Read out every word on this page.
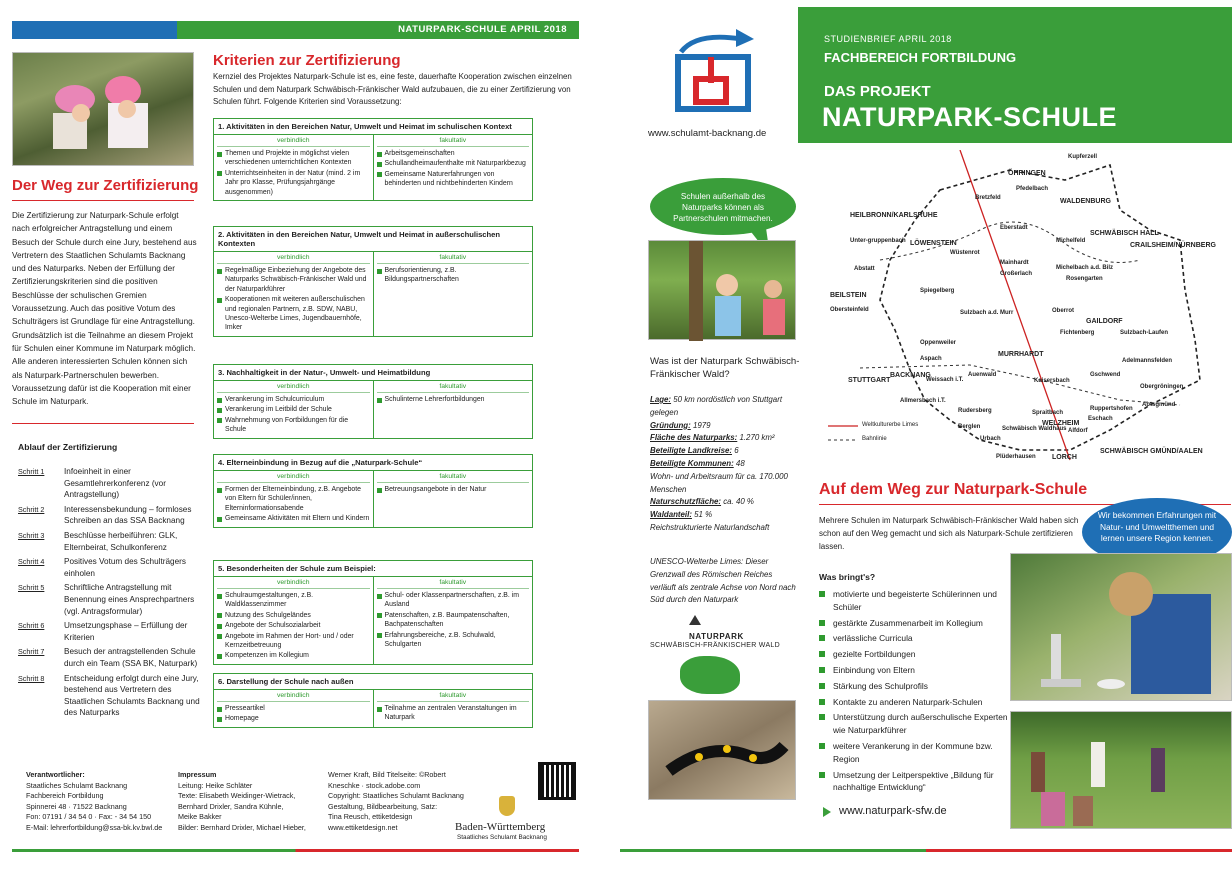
NATURPARK-SCHULE APRIL 2018
Der Weg zur Zertifizierung
Die Zertifizierung zur Naturpark-Schule erfolgt nach erfolgreicher Antragstellung und einem Besuch der Schule durch eine Jury, bestehend aus Vertretern des Staatlichen Schulamts Backnang und des Naturparks. Neben der Erfüllung der Zertifizierungskriterien sind die positiven Beschlüsse der schulischen Gremien Voraussetzung. Auch das positive Votum des Schulträgers ist Grundlage für eine Antragstellung. Grundsätzlich ist die Teilnahme an diesem Projekt für Schulen einer Kommune im Naturpark möglich. Alle anderen interessierten Schulen können sich als Naturpark-Partnerschulen bewerben. Voraussetzung dafür ist die Kooperation mit einer Schule im Naturpark.
Ablauf der Zertifizierung
Schritt 1	Infoeinheit in einer Gesamtlehrerkonferenz (vor Antragstellung)
Schritt 2	Interessensbekundung – formloses Schreiben an das SSA Backnang
Schritt 3	Beschlüsse herbeiführen: GLK, Elternbeirat, Schulkonferenz
Schritt 4	Positives Votum des Schulträgers einholen
Schritt 5	Schriftliche Antragstellung mit Benennung eines Ansprechpartners (vgl. Antragsformular)
Schritt 6	Umsetzungsphase – Erfüllung der Kriterien
Schritt 7	Besuch der antragstellenden Schule durch ein Team (SSA BK, Naturpark)
Schritt 8	Entscheidung erfolgt durch eine Jury, bestehend aus Vertretern des Staatlichen Schulamts Backnang und des Naturparks
Kriterien zur Zertifizierung
Kernziel des Projektes Naturpark-Schule ist es, eine feste, dauerhafte Kooperation zwischen einzelnen Schulen und dem Naturpark Schwäbisch-Fränkischer Wald aufzubauen, die zu einer Zertifizierung von Schulen führt. Folgende Kriterien sind Voraussetzung:
1. Aktivitäten in den Bereichen Natur, Umwelt und Heimat im schulischen Kontext
verbindlich
Themen und Projekte in möglichst vielen verschiedenen unterrichtlichen Kontexten
Unterrichtseinheiten in der Natur (mind. 2 im Jahr pro Klasse, Prüfungsjahrgänge ausgenommen)
fakultativ
Arbeitsgemeinschaften
Schullandheimaufenthalte mit Naturparkbezug
Gemeinsame Naturerfahrungen von behinderten und nichtbehinderten Kindern
2. Aktivitäten in den Bereichen Natur, Umwelt und Heimat in außerschulischen Kontexten
verbindlich
Regelmäßige Einbeziehung der Angebote des Naturparks Schwäbisch-Fränkischer Wald und der Naturparkführer
Kooperationen mit weiteren außerschulischen und regionalen Partnern, z.B. SDW, NABU, Unesco-Welterbe Limes, Jugendbauernhöfe, Imker
fakultativ
Berufsorientierung, z.B. Bildungspartnerschaften
3. Nachhaltigkeit in der Natur-, Umwelt- und Heimatbildung
verbindlich
Verankerung im Schulcurriculum
Verankerung im Leitbild der Schule
Wahrnehmung von Fortbildungen für die Schule
fakultativ
Schulinterne Lehrerfortbildungen
4. Elterneinbindung in Bezug auf die „Naturpark-Schule“
verbindlich
Formen der Elterneinbindung, z.B. Angebote von Eltern für Schüler/innen, Elterninformationsabende
Gemeinsame Aktivitäten mit Eltern und Kindern
fakultativ
Betreuungsangebote in der Natur
5. Besonderheiten der Schule zum Beispiel:
verbindlich
Schulraumgestaltungen, z.B. Waldklassenzimmer
Nutzung des Schulgeländes
Angebote der Schulsozialarbeit
Angebote im Rahmen der Hort- und / oder Kernzeitbetreuung
Kompetenzen im Kollegium
fakultativ
Schul- oder Klassenpartnerschaften, z.B. im Ausland
Patenschaften, z.B. Baumpatenschaften, Bachpatenschaften
Erfahrungsbereiche, z.B. Schulwald, Schulgarten
6. Darstellung der Schule nach außen
verbindlich
Presseartikel
Homepage
fakultativ
Teilnahme an zentralen Veranstaltungen im Naturpark
Verantwortlicher:
Staatliches Schulamt Backnang
Fachbereich Fortbildung
Spinnerei 48 · 71522 Backnang
Fon: 07191 / 34 54 0 · Fax: - 34 54 150
E-Mail: lehrerfortbildung@ssa-bk.kv.bwl.de
Impressum
Leitung: Heike Schläter
Texte: Elisabeth Weidinger-Wietrack,
Bernhard Drixler, Sandra Kühnle,
Meike Bakker
Bilder: Bernhard Drixler, Michael Hieber,
Werner Kraft, Bild Titelseite: ©Robert
Kneschke · stock.adobe.com
Copyright: Staatliches Schulamt Backnang
Gestaltung, Bildbearbeitung, Satz:
Tina Reusch, ettiketdesign
www.ettiketdesign.net	Baden-Württemberg
Staatliches Schulamt Backnang
www.schulamt-backnang.de
STUDIENBRIEF APRIL 2018
FACHBEREICH FORTBILDUNG
DAS PROJEKT
NATURPARK-SCHULE
Schulen außerhalb des Naturparks können als Partnerschulen mitmachen.
Was ist der Naturpark Schwäbisch-Fränkischer Wald?
Lage: 50 km nordöstlich von Stuttgart gelegen
Gründung: 1979
Fläche des Naturparks: 1.270 km²
Beteiligte Landkreise: 6
Beteiligte Kommunen: 48
Wohn- und Arbeitsraum für ca. 170.000 Menschen
Naturschutzfläche: ca. 40 %
Waldanteil: 51 %
Reichstrukturierte Naturlandschaft
UNESCO-Welterbe Limes: Dieser Grenzwall des Römischen Reiches verläuft als zentrale Achse von Nord nach Süd durch den Naturpark
NATURPARK
SCHWÄBISCH-FRÄNKISCHER WALD
Kupferzell
ÖHRINGEN
Pfedelbach
Bretzfeld	WALDENBURG
HEILBRONN/KARLSRUHE
Eberstadt
Unter-gruppenbach LÖWENSTEIN
Wüstenrot
Mainhardt
Großerlach
Michelfeld
SCHWÄBISCH HALL
CRAILSHEIM/NÜRNBERG
Abstatt	Michelbach a.d. Bilz
Rosengarten
BEILSTEIN
Spiegelberg
Obersteinfeld	Sulzbach a.d. Murr	Oberrot
GAILDORF
Oppenweiler
Fichtenberg	Sulzbach-Laufen
Aspach
MURRHARDT
BACKNANG
STUTTGART
Auenwald
Weissach i.T.	Kaisersbach
Gschwend
Adelmannsfelden
Allmersbach i.T.
Rudersberg	Spraitbach
Ruppertshofen
Eschach
Obergröningen
Abtsgmünd
Berglen	WELZHEIM
Schwäbisch Waldhaus Alfdorf
Urbach
Plüderhausen LORCH
SCHWÄBISCH GMÜND/AALEN
Weltkulturerbe Limes
Bahnlinie
Auf dem Weg zur Naturpark-Schule
Mehrere Schulen im Naturpark Schwäbisch-Fränkischer Wald haben sich schon auf den Weg gemacht und sich als Naturpark-Schule zertifizieren lassen.
Wir bekommen Erfahrungen mit Natur- und Umweltthemen und lernen unsere Region kennen.
Was bringt's?
motivierte und begeisterte Schülerinnen und Schüler
gestärkte Zusammenarbeit im Kollegium
verlässliche Curricula
gezielte Fortbildungen
Einbindung von Eltern
Stärkung des Schulprofils
Kontakte zu anderen Naturpark-Schulen
Unterstützung durch außerschulische Experten wie Naturparkführer
weitere Verankerung in der Kommune bzw. Region
Umsetzung der Leitperspektive „Bildung für nachhaltige Entwicklung“
www.naturpark-sfw.de
